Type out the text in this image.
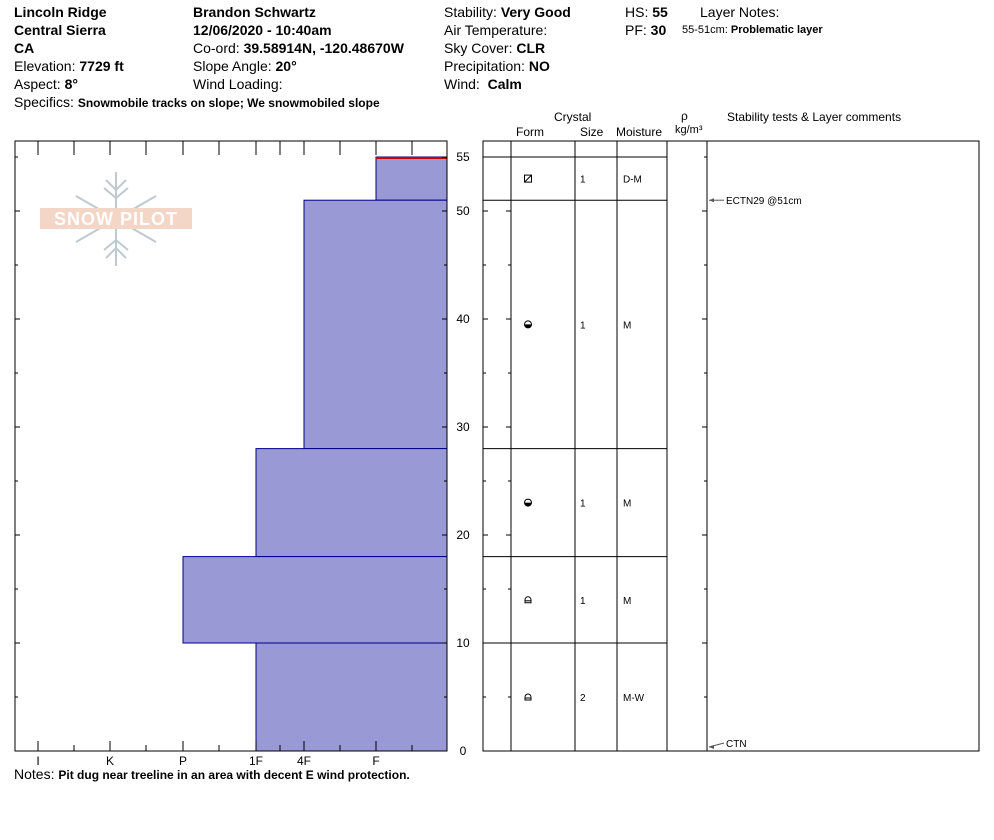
Lincoln Ridge
Central Sierra
CA
Elevation: 7729 ft
Aspect: 8°
Specifics: Snowmobile tracks on slope; We snowmobiled slope
Brandon Schwartz
12/06/2020 - 10:40am
Co-ord: 39.58914N, -120.48670W
Slope Angle: 20°
Wind Loading:
Stability: Very Good
Air Temperature:
Sky Cover: CLR
Precipitation: NO
Wind: Calm
HS: 55
PF: 30
Layer Notes:
55-51cm: Problematic layer
Crystal
Form	Size Moisture
ρ
kg/m³
Stability tests & Layer comments
Notes: Pit dug near treeline in an area with decent E wind protection.
SNOW PILOT
I	K	P	1F	4F	F
0
10
20
30
40
50
55
1	D-M
1	M
1	M
1	M
2	M-W
ECTN29 @51cm
CTN
